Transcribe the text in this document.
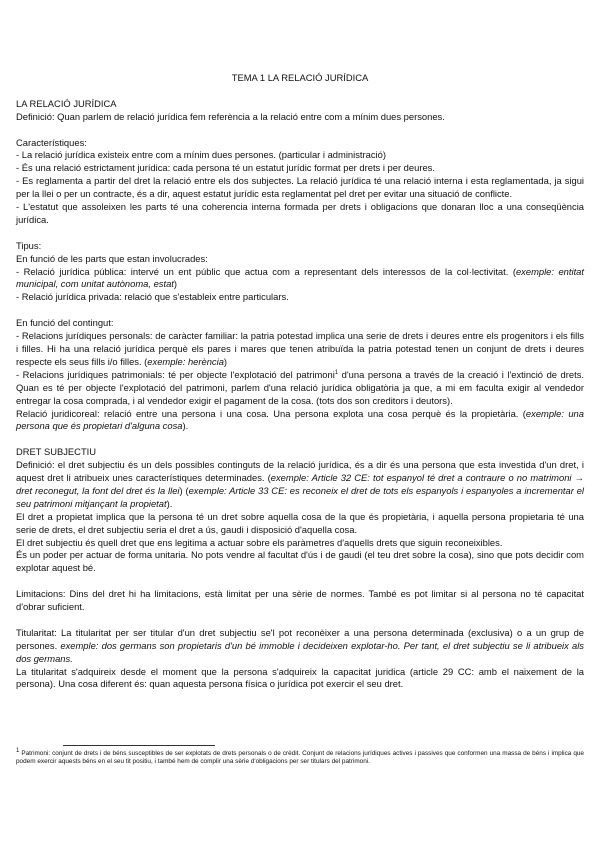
TEMA 1 LA RELACIÓ JURÍDICA
LA RELACIÓ JURÍDICA
Definició: Quan parlem de relació jurídica fem referència a la relació entre com a mínim dues persones.
Característiques:
- La relació jurídica existeix entre com a mínim dues persones. (particular i administració)
- És una relació estrictament jurídica: cada persona té un estatut jurídic format per drets i per deures.
- Es reglamenta a partir del dret la relació entre els dos subjectes. La relació jurídica té una relació interna i esta reglamentada, ja sigui per la llei o per un contracte, és a dir, aquest estatut jurídic esta reglamentat pel dret per evitar una situació de conflicte.
- L'estatut que assoleixen les parts té una coherencia interna formada per drets i obligacions que donaran lloc a una conseqüència jurídica.
Tipus:
En funció de les parts que estan involucrades:
- Relació jurídica pública: intervé un ent públic que actua com a representant dels interessos de la col·lectivitat. (exemple: entitat municipal, com unitat autònoma, estat)
- Relació jurídica privada: relació que s'estableix entre particulars.
En funció del contingut:
- Relacions jurídiques personals: de caràcter familiar: la patria potestad implica una serie de drets i deures entre els progenitors i els fills i filles. Hi ha una relació jurídica perquè els pares i mares que tenen atribuïda la patria potestad tenen un conjunt de drets i deures respecte els seus fills i/o filles. (exemple: herència)
- Relacions jurídiques patrimonials: té per objecte l'explotació del patrimoni$^1$ d'una persona a través de la creació i l'extinció de drets. Quan es té per objecte l'explotació del patrimoni, parlem d'una relació jurídica obligatòria ja que, a mi em faculta exigir al vendedor entregar la cosa comprada, i al vendedor exigir el pagament de la cosa. (tots dos son creditors i deutors).
Relació juridicoreal: relació entre una persona i una cosa. Una persona explota una cosa perquè és la propietària. (exemple: una persona que és propietari d'alguna cosa).
DRET SUBJECTIU
Definició: el dret subjectiu és un dels possibles continguts de la relació jurídica, és a dir és una persona que esta investida d'un dret, i aquest dret li atribueix unes característiques determinades. (exemple: Article 32 CE: tot espanyol té dret a contraure o no matrimoni → dret reconegut, la font del dret és la llei) (exemple: Article 33 CE: es reconeix el dret de tots els espanyols i espanyoles a incrementar el seu patrimoni mitjançant la propietat).
El dret a propietat implica que la persona té un dret sobre aquella cosa de la que és propietària, i aquella persona propietaria té una serie de drets, el dret subjectiu seria el dret a ús, gaudi i disposició d'aquella cosa.
El dret subjectiu és quell dret que ens legitima a actuar sobre els paràmetres d'aquells drets que siguin reconeixibles.
És un poder per actuar de forma unitaria. No pots vendre al facultat d'ús i de gaudi (el teu dret sobre la cosa), sino que pots decidir com explotar aquest bé.
Limitacions: Dins del dret hi ha limitacions, està limitat per una sèrie de normes. També es pot limitar si al persona no té capacitat d'obrar suficient.
Titularitat: La titularitat per ser titular d'un dret subjectiu se'l pot reconèixer a una persona determinada (exclusiva) o a un grup de persones. exemple: dos germans son propietaris d'un bé immoble i decideixen explotar-ho. Per tant, el dret subjectiu se li atribueix als dos germans.
La titularitat s'adquireix desde el moment que la persona s'adquireix la capacitat juridica (article 29 CC: amb el naixement de la persona). Una cosa diferent és: quan aquesta persona física o jurídica pot exercir el seu dret.
$^1$ Patrimoni: conjunt de drets i de béns susceptibles de ser explotats de drets personals o de crèdit. Conjunt de relacions jurídiques actives i passives que conformen una massa de béns i implica que podem exercir aquests béns en el seu tit positiu, i també hem de complir una sèrie d'obligacions per ser titulars del patrimoni.
